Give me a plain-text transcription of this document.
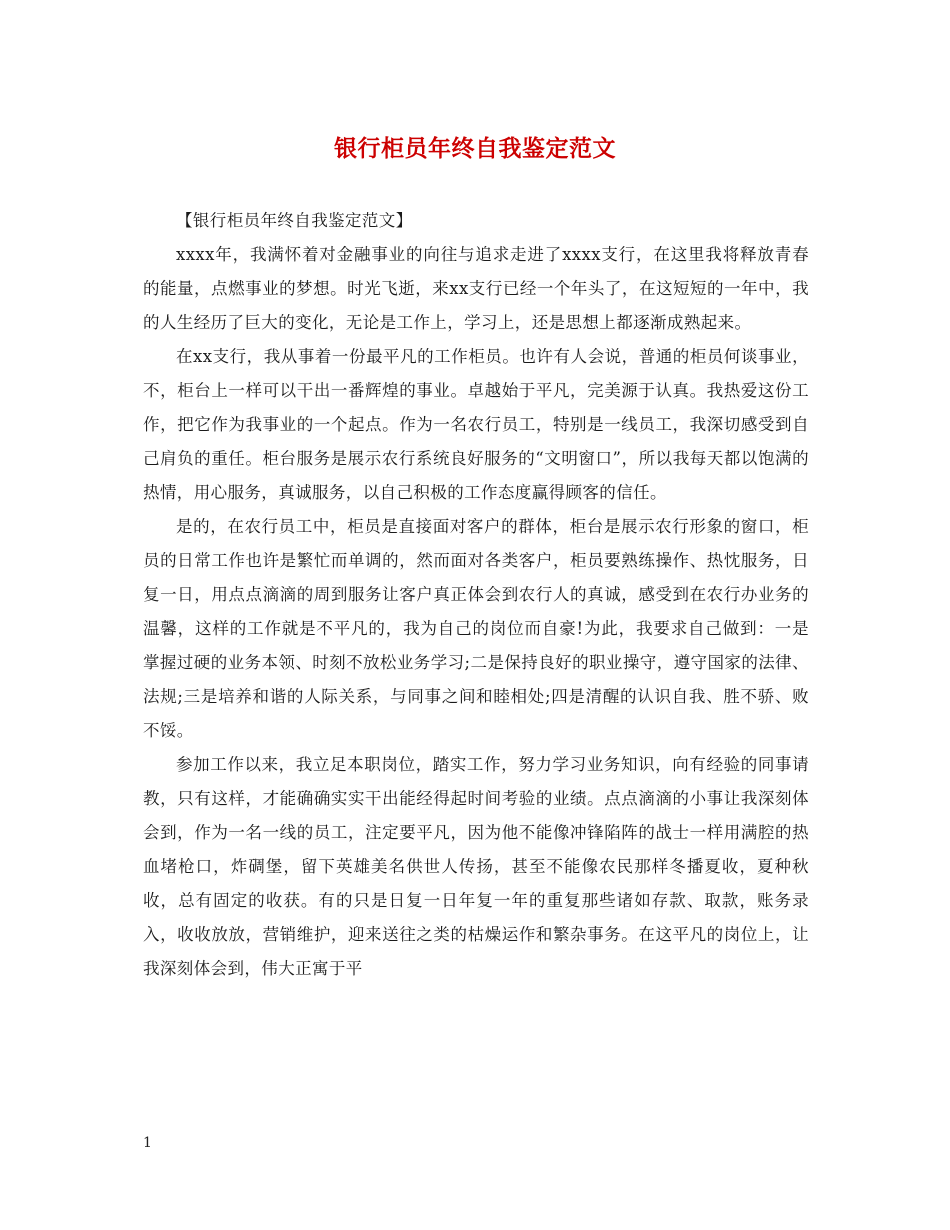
银行柜员年终自我鉴定范文

【银行柜员年终自我鉴定范文】

xxxx年，我满怀着对金融事业的向往与追求走进了xxxx支行，在这里我将释放青春的能量，点燃事业的梦想。时光飞逝，来xx支行已经一个年头了，在这短短的一年中，我的人生经历了巨大的变化，无论是工作上，学习上，还是思想上都逐渐成熟起来。

在xx支行，我从事着一份最平凡的工作柜员。也许有人会说，普通的柜员何谈事业，不，柜台上一样可以干出一番辉煌的事业。卓越始于平凡，完美源于认真。我热爱这份工作，把它作为我事业的一个起点。作为一名农行员工，特别是一线员工，我深切感受到自己肩负的重任。柜台服务是展示农行系统良好服务的“文明窗口”，所以我每天都以饱满的热情，用心服务，真诚服务，以自己积极的工作态度赢得顾客的信任。

是的，在农行员工中，柜员是直接面对客户的群体，柜台是展示农行形象的窗口，柜员的日常工作也许是繁忙而单调的，然而面对各类客户，柜员要熟练操作、热忱服务，日复一日，用点点滴滴的周到服务让客户真正体会到农行人的真诚，感受到在农行办业务的温馨，这样的工作就是不平凡的，我为自己的岗位而自豪!为此，我要求自己做到：一是掌握过硬的业务本领、时刻不放松业务学习;二是保持良好的职业操守，遵守国家的法律、法规;三是培养和谐的人际关系，与同事之间和睦相处;四是清醒的认识自我、胜不骄、败不馁。

参加工作以来，我立足本职岗位，踏实工作，努力学习业务知识，向有经验的同事请教，只有这样，才能确确实实干出能经得起时间考验的业绩。点点滴滴的小事让我深刻体会到，作为一名一线的员工，注定要平凡，因为他不能像冲锋陷阵的战士一样用满腔的热血堵枪口，炸碉堡，留下英雄美名供世人传扬，甚至不能像农民那样冬播夏收，夏种秋收，总有固定的收获。有的只是日复一日年复一年的重复那些诸如存款、取款，账务录入，收收放放，营销维护，迎来送往之类的枯燥运作和繁杂事务。在这平凡的岗位上，让我深刻体会到，伟大正寓于平

1
